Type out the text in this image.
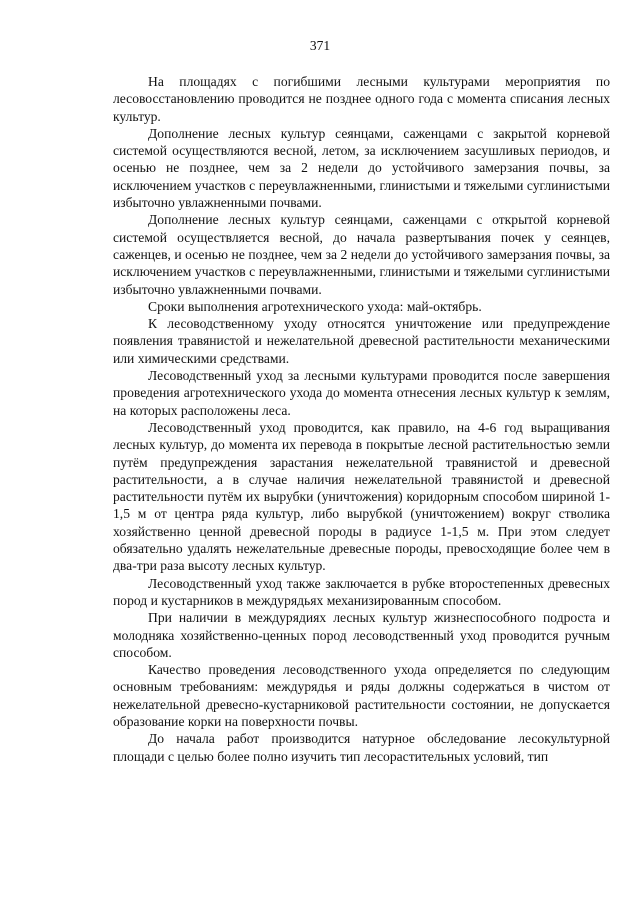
371

На площадях с погибшими лесными культурами мероприятия по лесовосстановлению проводится не позднее одного года с момента списания лесных культур.

Дополнение лесных культур сеянцами, саженцами с закрытой корневой системой осуществляются весной, летом, за исключением засушливых периодов, и осенью не позднее, чем за 2 недели до устойчивого замерзания почвы, за исключением участков с переувлажненными, глинистыми и тяжелыми суглинистыми избыточно увлажненными почвами.

Дополнение лесных культур сеянцами, саженцами с открытой корневой системой осуществляется весной, до начала развертывания почек у сеянцев, саженцев, и осенью не позднее, чем за 2 недели до устойчивого замерзания почвы, за исключением участков с переувлажненными, глинистыми и тяжелыми суглинистыми избыточно увлажненными почвами.

Сроки выполнения агротехнического ухода: май-октябрь.

К лесоводственному уходу относятся уничтожение или предупреждение появления травянистой и нежелательной древесной растительности механическими или химическими средствами.

Лесоводственный уход за лесными культурами проводится после завершения проведения агротехнического ухода до момента отнесения лесных культур к землям, на которых расположены леса.

Лесоводственный уход проводится, как правило, на 4-6 год выращивания лесных культур, до момента их перевода в покрытые лесной растительностью земли путём предупреждения зарастания нежелательной травянистой и древесной растительности, а в случае наличия нежелательной травянистой и древесной растительности путём их вырубки (уничтожения) коридорным способом шириной 1-1,5 м от центра ряда культур, либо вырубкой (уничтожением) вокруг стволика хозяйственно ценной древесной породы в радиусе 1-1,5 м. При этом следует обязательно удалять нежелательные древесные породы, превосходящие более чем в два-три раза высоту лесных культур.

Лесоводственный уход также заключается в рубке второстепенных древесных пород и кустарников в междурядьях механизированным способом.

При наличии в междурядиях лесных культур жизнеспособного подроста и молодняка хозяйственно-ценных пород лесоводственный уход проводится ручным способом.

Качество проведения лесоводственного ухода определяется по следующим основным требованиям: междурядья и ряды должны содержаться в чистом от нежелательной древесно-кустарниковой растительности состоянии, не допускается образование корки на поверхности почвы.

До начала работ производится натурное обследование лесокультурной площади с целью более полно изучить тип лесорастительных условий, тип
